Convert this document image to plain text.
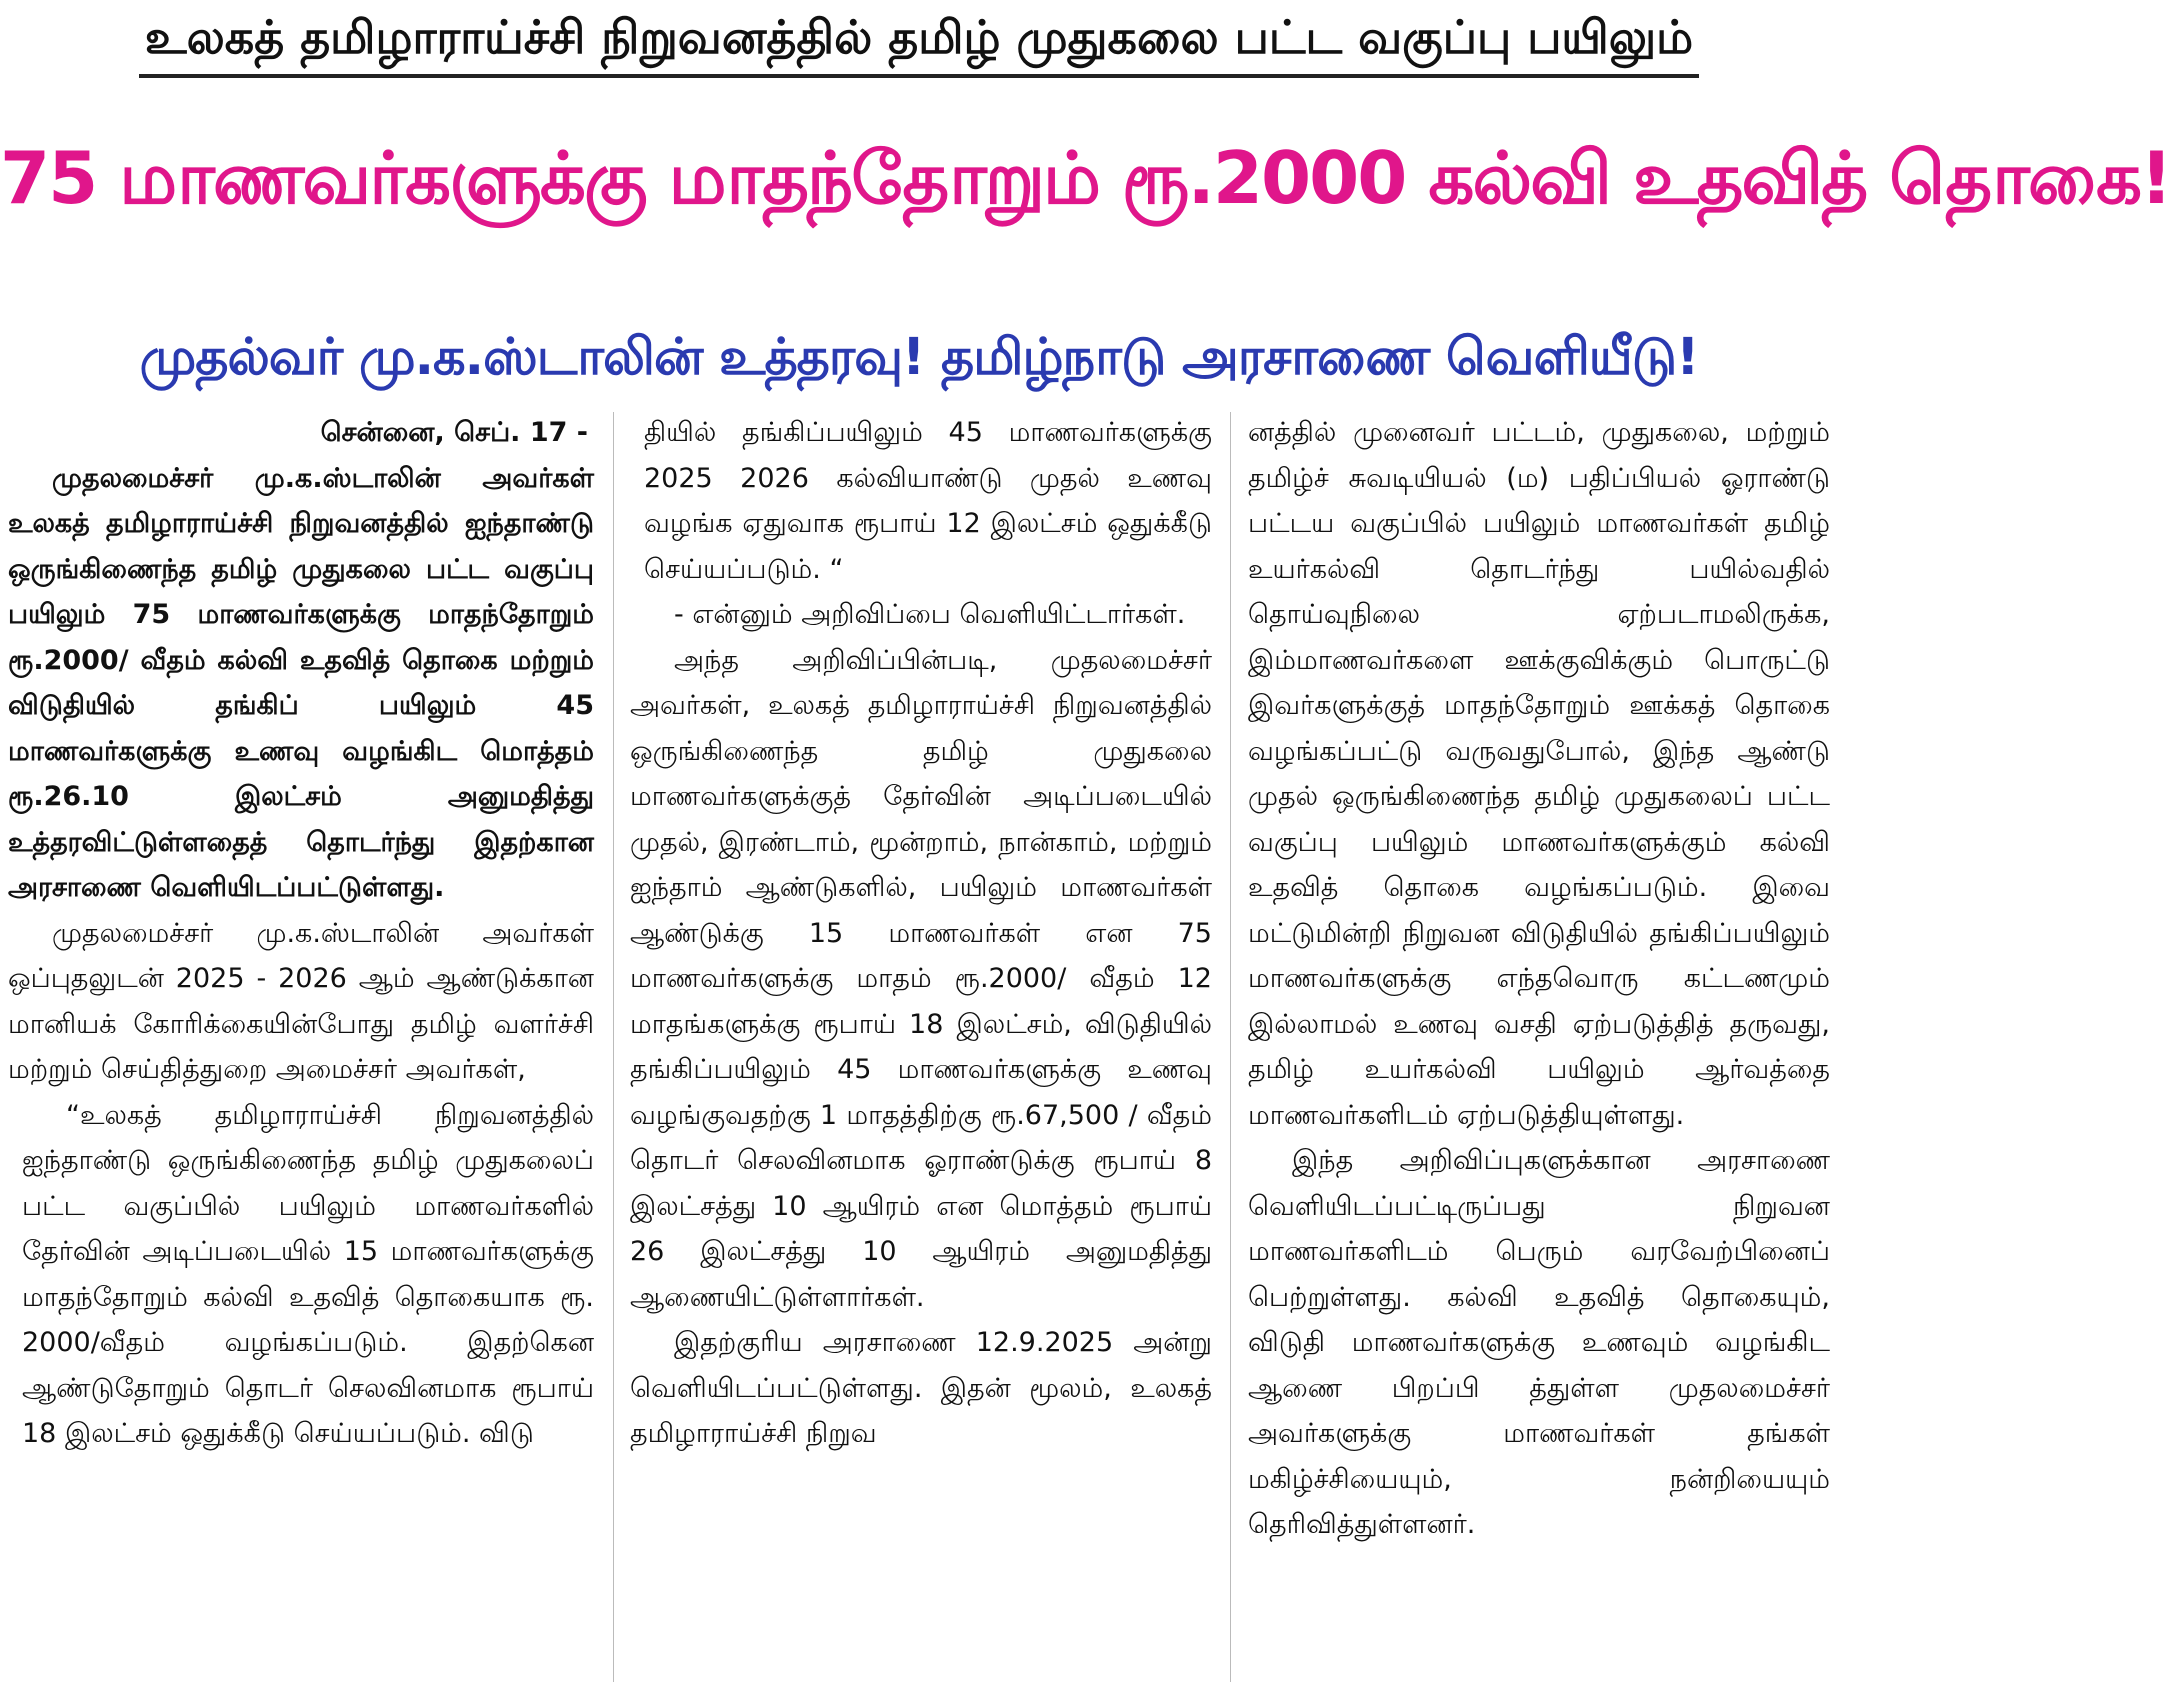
உலகத் தமிழாராய்ச்சி நிறுவனத்தில் தமிழ் முதுகலை பட்ட வகுப்பு பயிலும்
75 மாணவர்களுக்கு மாதந்தோறும் ரூ.2000 கல்வி உதவித் தொகை!
முதல்வர் மு.க.ஸ்டாலின் உத்தரவு! தமிழ்நாடு அரசாணை வெளியீடு!

சென்னை, செப். 17 -

முதலமைச்சர் மு.க.ஸ்டாலின் அவர்கள் உலகத் தமிழாராய்ச்சி நிறுவனத்தில் ஐந்தாண்டு ஒருங்கிணைந்த தமிழ் முதுகலை பட்ட வகுப்பு பயிலும் 75 மாணவர்களுக்கு மாதந்தோறும் ரூ.2000/ வீதம் கல்வி உதவித் தொகை மற்றும் விடுதியில் தங்கிப் பயிலும் 45 மாணவர்களுக்கு உணவு வழங்கிட மொத்தம் ரூ.26.10 இலட்சம் அனுமதித்து உத்தரவிட்டுள்ளதைத் தொடர்ந்து இதற்கான அரசாணை வெளியிடப்பட்டுள்ளது.

முதலமைச்சர் மு.க.ஸ்டாலின் அவர்கள் ஒப்புதலுடன் 2025 - 2026 ஆம் ஆண்டுக்கான மானியக் கோரிக்கையின்போது தமிழ் வளர்ச்சி மற்றும் செய்தித்துறை அமைச்சர் அவர்கள்,

“உலகத் தமிழாராய்ச்சி நிறுவனத்தில் ஐந்தாண்டு ஒருங்கிணைந்த தமிழ் முதுகலைப் பட்ட வகுப்பில் பயிலும் மாணவர்களில் தேர்வின் அடிப்படையில் 15 மாணவர்களுக்கு மாதந்தோறும் கல்வி உதவித் தொகையாக ரூ. 2000/வீதம் வழங்கப்படும். இதற்கென ஆண்டுதோறும் தொடர் செலவினமாக ரூபாய் 18 இலட்சம் ஒதுக்கீடு செய்யப்படும். விடு

தியில் தங்கிப்பயிலும் 45 மாணவர்களுக்கு 2025 2026 கல்வியாண்டு முதல் உணவு வழங்க ஏதுவாக ரூபாய் 12 இலட்சம் ஒதுக்கீடு செய்யப்படும். “

- என்னும் அறிவிப்பை வெளியிட்டார்கள்.

அந்த அறிவிப்பின்படி, முதலமைச்சர் அவர்கள், உலகத் தமிழாராய்ச்சி நிறுவனத்தில் ஒருங்கிணைந்த தமிழ் முதுகலை மாணவர்களுக்குத் தேர்வின் அடிப்படையில் முதல், இரண்டாம், மூன்றாம், நான்காம், மற்றும் ஐந்தாம் ஆண்டுகளில், பயிலும் மாணவர்கள் ஆண்டுக்கு 15 மாணவர்கள் என 75 மாணவர்களுக்கு மாதம் ரூ.2000/ வீதம் 12 மாதங்களுக்கு ரூபாய் 18 இலட்சம், விடுதியில் தங்கிப்பயிலும் 45 மாணவர்களுக்கு உணவு வழங்குவதற்கு 1 மாதத்திற்கு ரூ.67,500 / வீதம் தொடர் செலவினமாக ஓராண்டுக்கு ரூபாய் 8 இலட்சத்து 10 ஆயிரம் என மொத்தம் ரூபாய் 26 இலட்சத்து 10 ஆயிரம் அனுமதித்து ஆணையிட்டுள்ளார்கள்.

இதற்குரிய அரசாணை 12.9.2025 அன்று வெளியிடப்பட்டுள்ளது. இதன் மூலம், உலகத் தமிழாராய்ச்சி நிறுவ

னத்தில் முனைவர் பட்டம், முதுகலை, மற்றும் தமிழ்ச் சுவடியியல் (ம) பதிப்பியல் ஓராண்டு பட்டய வகுப்பில் பயிலும் மாணவர்கள் தமிழ் உயர்கல்வி தொடர்ந்து பயில்வதில் தொய்வுநிலை ஏற்படாமலிருக்க, இம்மாணவர்களை ஊக்குவிக்கும் பொருட்டு இவர்களுக்குத் மாதந்தோறும் ஊக்கத் தொகை வழங்கப்பட்டு வருவதுபோல், இந்த ஆண்டு முதல் ஒருங்கிணைந்த தமிழ் முதுகலைப் பட்ட வகுப்பு பயிலும் மாணவர்களுக்கும் கல்வி உதவித் தொகை வழங்கப்படும். இவை மட்டுமின்றி நிறுவன விடுதியில் தங்கிப்பயிலும் மாணவர்களுக்கு எந்தவொரு கட்டணமும் இல்லாமல் உணவு வசதி ஏற்படுத்தித் தருவது, தமிழ் உயர்கல்வி பயிலும் ஆர்வத்தை மாணவர்களிடம் ஏற்படுத்தியுள்ளது.

இந்த அறிவிப்புகளுக்கான அரசாணை வெளியிடப்பட்டிருப்பது நிறுவன மாணவர்களிடம் பெரும் வரவேற்பினைப் பெற்றுள்ளது. கல்வி உதவித் தொகையும், விடுதி மாணவர்களுக்கு உணவும் வழங்கிட ஆணை பிறப்பி த்துள்ள முதலமைச்சர் அவர்களுக்கு மாணவர்கள் தங்கள் மகிழ்ச்சியையும், நன்றியையும் தெரிவித்துள்ளனர்.
